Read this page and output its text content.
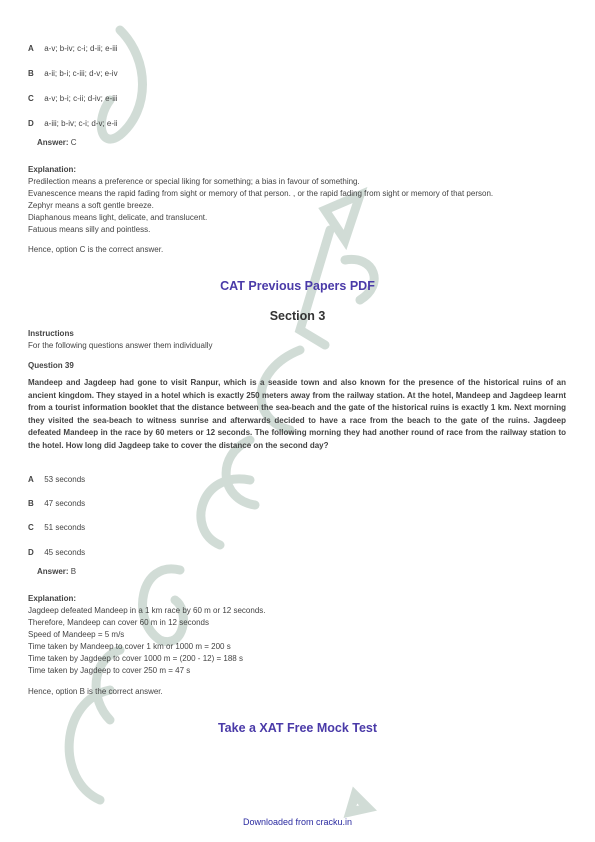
A a-v; b-iv; c-i; d-ii; e-iii
B a-ii; b-i; c-iii; d-v; e-iv
C a-v; b-i; c-ii; d-iv; e-iii
D a-iii; b-iv; c-i; d-v; e-ii
Answer: C
Explanation:
Predilection means a preference or special liking for something; a bias in favour of something.
Evanescence means the rapid fading from sight or memory of that person. , or the rapid fading from sight or memory of that person.
Zephyr means a soft gentle breeze.
Diaphanous means light, delicate, and translucent.
Fatuous means silly and pointless.
Hence, option C is the correct answer.
CAT Previous Papers PDF
Section 3
Instructions
For the following questions answer them individually
Question 39
Mandeep and Jagdeep had gone to visit Ranpur, which is a seaside town and also known for the presence of the historical ruins of an ancient kingdom. They stayed in a hotel which is exactly 250 meters away from the railway station. At the hotel, Mandeep and Jagdeep learnt from a tourist information booklet that the distance between the sea-beach and the gate of the historical ruins is exactly 1 km. Next morning they visited the sea-beach to witness sunrise and afterwards decided to have a race from the beach to the gate of the ruins. Jagdeep defeated Mandeep in the race by 60 meters or 12 seconds. The following morning they had another round of race from the railway station to the hotel. How long did Jagdeep take to cover the distance on the second day?
A 53 seconds
B 47 seconds
C 51 seconds
D 45 seconds
Answer: B
Explanation:
Jagdeep defeated Mandeep in a 1 km race by 60 m or 12 seconds.
Therefore, Mandeep can cover 60 m in 12 seconds
Speed of Mandeep = 5 m/s
Time taken by Mandeep to cover 1 km or 1000 m = 200 s
Time taken by Jagdeep to cover 1000 m = (200 - 12) = 188 s
Time taken by Jagdeep to cover 250 m = 47 s
Hence, option B is the correct answer.
Take a XAT Free Mock Test
Downloaded from cracku.in
